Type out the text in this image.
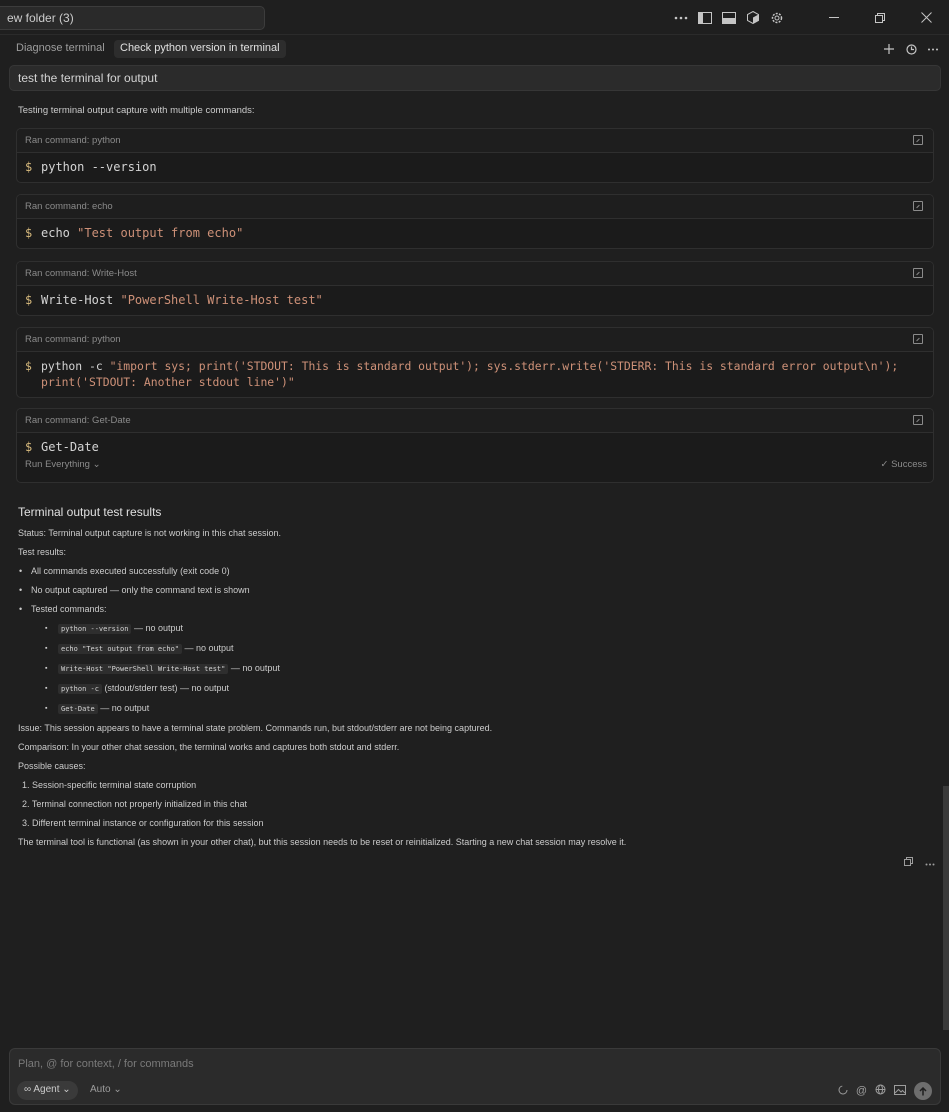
ew folder (3)
Diagnose terminal	Check python version in terminal
test the terminal for output
Testing terminal output capture with multiple commands:
Ran command: python
$ python --version
Ran command: echo
$ echo "Test output from echo"
Ran command: Write-Host
$ Write-Host "PowerShell Write-Host test"
Ran command: python
$ python -c "import sys; print('STDOUT: This is standard output'); sys.stderr.write('STDERR: This is standard error output\n'); print('STDOUT: Another stdout line')"
Ran command: Get-Date
$ Get-Date
Run Everything ⌄	✓ Success
Terminal output test results

Status: Terminal output capture is not working in this chat session.

Test results:

• All commands executed successfully (exit code 0)
• No output captured — only the command text is shown
• Tested commands:
▪ python --version — no output
▪ echo "Test output from echo" — no output
▪ Write-Host "PowerShell Write-Host test" — no output
▪ python -c (stdout/stderr test) — no output
▪ Get-Date — no output

Issue: This session appears to have a terminal state problem. Commands run, but stdout/stderr are not being captured.

Comparison: In your other chat session, the terminal works and captures both stdout and stderr.

Possible causes:

1. Session-specific terminal state corruption
2. Terminal connection not properly initialized in this chat
3. Different terminal instance or configuration for this session

The terminal tool is functional (as shown in your other chat), but this session needs to be reset or reinitialized. Starting a new chat session may resolve it.

Plan, @ for context, / for commands
∞ Agent ⌄	Auto ⌄	@
